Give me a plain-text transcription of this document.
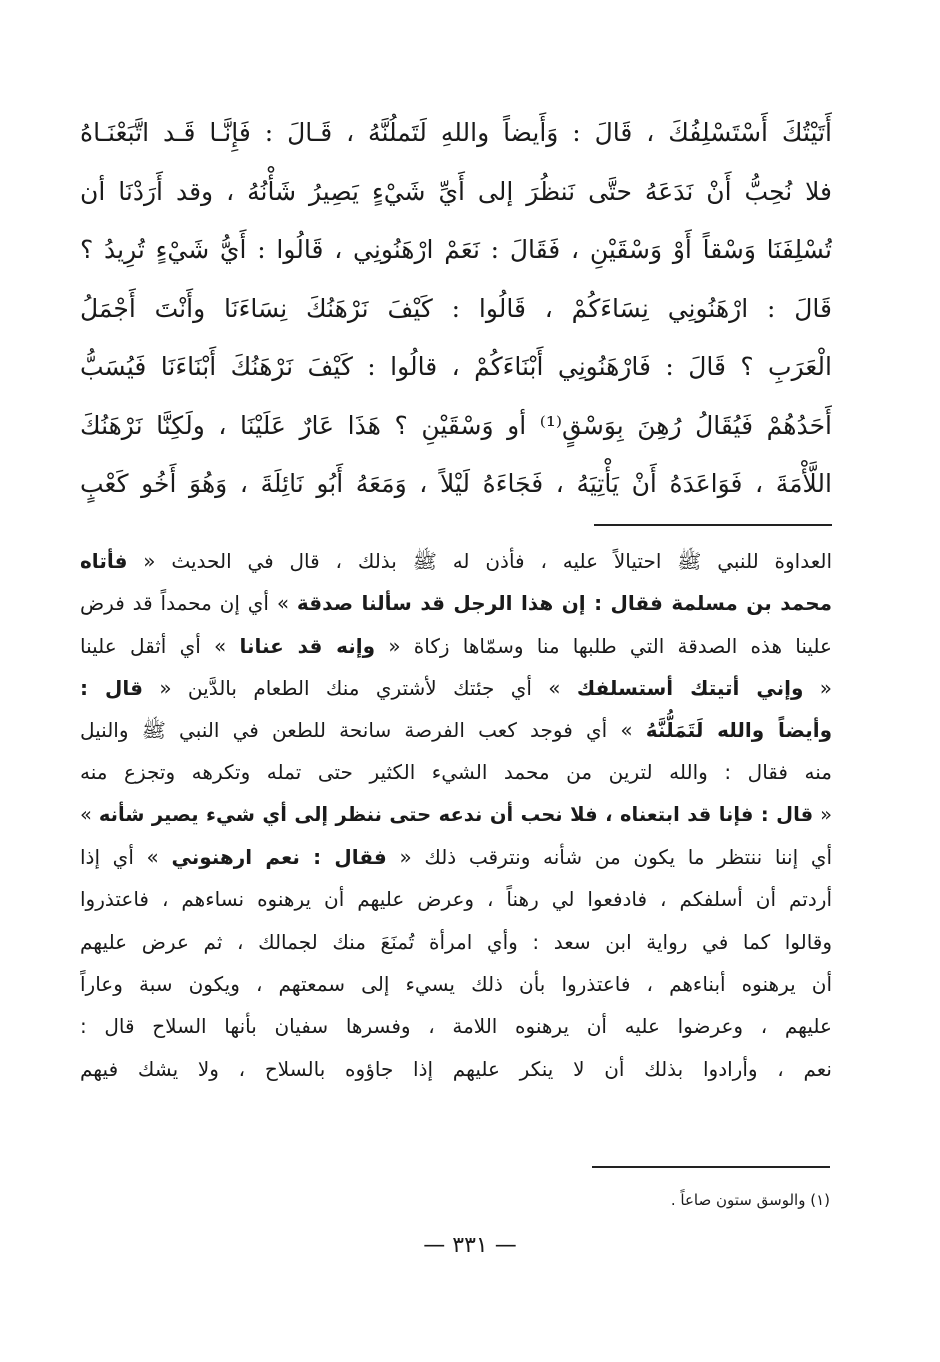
أَتَيْتُكَ أَسْتَسْلِفُكَ ، قَالَ : وَأَيضاً واللهِ لَتَملُنَّهُ ، قَـالَ : فَإِنَّـا قَـد اتَّبَعْنَـاهُ
فلا نُحِبُّ أَنْ نَدَعَهُ حتَّى نَنظُرَ إلى أَيِّ شَيْءٍ يَصِيرُ شَأْنُهُ ، وقد أَرَدْنَا أن
تُسْلِفَنَا وَسْقاً أَوْ وَسْقَيْنِ ، فَقَالَ : نَعَمْ ارْهَنُونِي ، قَالُوا : أَيُّ شَيْءٍ تُرِيدُ ؟
قَالَ : ارْهَنُونِي نِسَاءَكُمْ ، قَالُوا : كَيْفَ نَرْهَنُكَ نِسَاءَنَا وأَنْتَ أَجْمَلُ
الْعَرَبِ ؟ قَالَ : فَارْهَنُونِي أَبْنَاءَكُمْ ، قالُوا : كَيْفَ نَرْهَنُكَ أَبْنَاءَنَا فَيُسَبُّ
أَحَدُهُمْ فَيُقَالُ رُهِنَ بِوَسْقٍ⁽¹⁾ أو وَسْقَيْنِ ؟ هَذَا عَارٌ عَلَيْنَا ، ولَكِنَّا نَرْهَنُكَ
اللَّأْمَةَ ، فَوَاعَدَهُ أَنْ يَأْتِيَهُ ، فَجَاءَهُ لَيْلاً ، وَمَعَهُ أَبُو نَائِلَةَ ، وَهُوَ أَخُو كَعْبٍ
العداوة للنبي ﷺ احتيالاً عليه ، فأذن له ﷺ بذلك ، قال في الحديث « فأتاه
محمد بن مسلمة فقال : إن هذا الرجل قد سألنا صدقة » أي إن محمداً قد فرض
علينا هذه الصدقة التي طلبها منا وسمّاها زكاة « وإنه قد عنانا » أي أثقل علينا
« وإني أتيتك أستسلفك » أي جئتك لأشتري منك الطعام بالدَّين « قال :
وأيضاً والله لَتَمَلُّنَّهُ » أي فوجد كعب الفرصة سانحة للطعن في النبي ﷺ والنيل
منه فقال : والله لترين من محمد الشيء الكثير حتى تمله وتكرهه وتجزع منه
« قال : فإنا قد ابتعناه ، فلا نحب أن ندعه حتى ننظر إلى أي شيء يصير شأنه »
أي إننا ننتظر ما يكون من شأنه ونترقب ذلك « فقال : نعم ارهنوني » أي إذا
أردتم أن أسلفكم ، فادفعوا لي رهناً ، وعرض عليهم أن يرهنوه نساءهم ، فاعتذروا
وقالوا كما في رواية ابن سعد : وأي امرأة تُمنَعَ منك لجمالك ، ثم عرض عليهم
أن يرهنوه أبناءهم ، فاعتذروا بأن ذلك يسيء إلى سمعتهم ، ويكون سبة وعاراً
عليهم ، وعرضوا عليه أن يرهنوه اللامة ، وفسرها سفيان بأنها السلاح قال :
نعم ، وأرادوا بذلك أن لا ينكر عليهم إذا جاؤوه بالسلاح ، ولا يشك فيهم
(١) والوسق ستون صاعاً .
— ٣٣١ —
